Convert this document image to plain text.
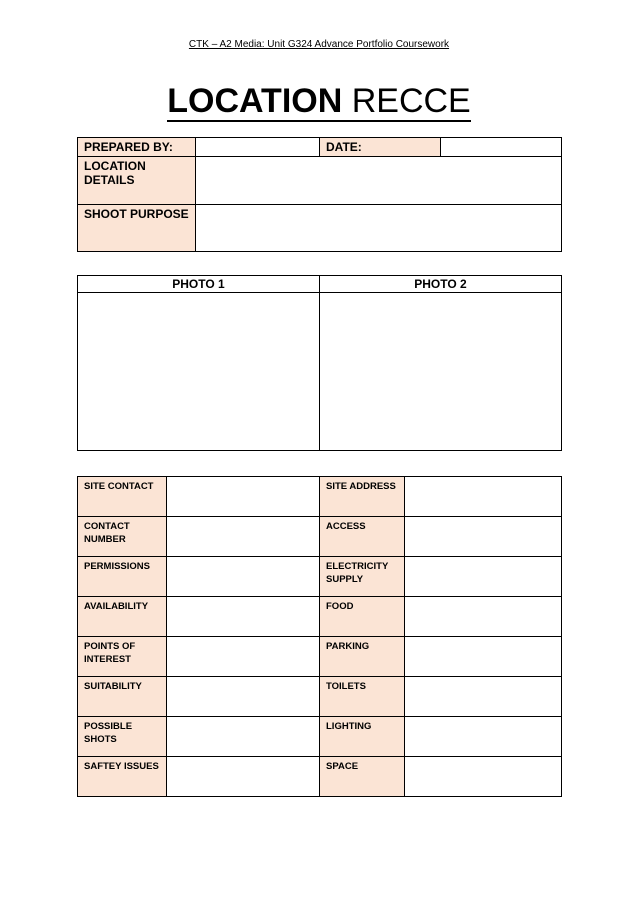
CTK – A2 Media: Unit G324 Advance Portfolio Coursework
LOCATION RECCE
PREPARED BY:		DATE:	
LOCATION DETAILS			
SHOOT PURPOSE			
PHOTO 1	PHOTO 2

SITE CONTACT		SITE ADDRESS	
CONTACT NUMBER		ACCESS	
PERMISSIONS		ELECTRICITY SUPPLY	
AVAILABILITY		FOOD	
POINTS OF INTEREST		PARKING	
SUITABILITY		TOILETS	
POSSIBLE SHOTS		LIGHTING	
SAFTEY ISSUES		SPACE	
